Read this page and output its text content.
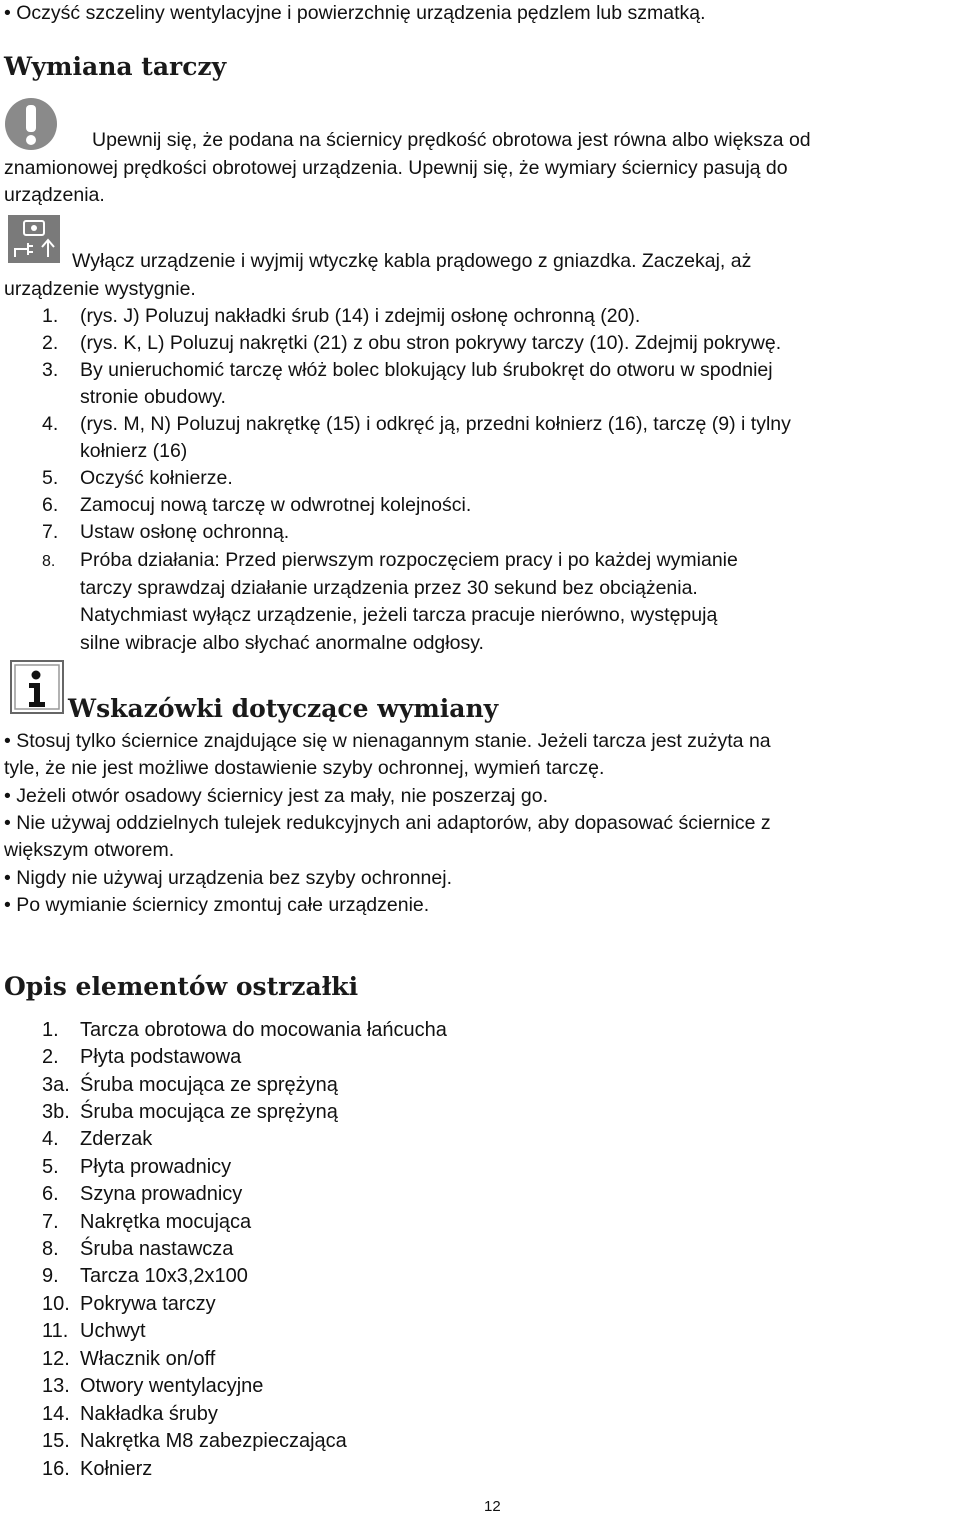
• Oczyść szczeliny wentylacyjne i powierzchnię urządzenia pędzlem lub szmatką.
Wymiana tarczy
Upewnij się, że podana na ściernicy prędkość obrotowa jest równa albo większa od
znamionowej prędkości obrotowej urządzenia. Upewnij się, że wymiary ściernicy pasują do
urządzenia.
Wyłącz urządzenie i wyjmij wtyczkę kabla prądowego z gniazdka. Zaczekaj, aż
urządzenie wystygnie.
1. (rys. J) Poluzuj nakładki śrub (14) i zdejmij osłonę ochronną (20).
2. (rys. K, L) Poluzuj nakrętki (21) z obu stron pokrywy tarczy (10). Zdejmij pokrywę.
3. By unieruchomić tarczę włóż bolec blokujący lub śrubokręt do otworu w spodniej
stronie obudowy.
4. (rys. M, N) Poluzuj nakrętkę (15) i odkręć ją, przedni kołnierz (16), tarczę (9) i tylny
kołnierz (16)
5. Oczyść kołnierze.
6. Zamocuj nową tarczę w odwrotnej kolejności.
7. Ustaw osłonę ochronną.
8. Próba działania: Przed pierwszym rozpoczęciem pracy i po każdej wymianie
tarczy sprawdzaj działanie urządzenia przez 30 sekund bez obciążenia.
Natychmiast wyłącz urządzenie, jeżeli tarcza pracuje nierówno, występują
silne wibracje albo słychać anormalne odgłosy.
Wskazówki dotyczące wymiany
• Stosuj tylko ściernice znajdujące się w nienagannym stanie. Jeżeli tarcza jest zużyta na
tyle, że nie jest możliwe dostawienie szyby ochronnej, wymień tarczę.
• Jeżeli otwór osadowy ściernicy jest za mały, nie poszerzaj go.
• Nie używaj oddzielnych tulejek redukcyjnych ani adaptorów, aby dopasować ściernice z
większym otworem.
• Nigdy nie używaj urządzenia bez szyby ochronnej.
• Po wymianie ściernicy zmontuj całe urządzenie.
Opis elementów ostrzałki
1. Tarcza obrotowa do mocowania łańcucha
2. Płyta podstawowa
3a. Śruba mocująca ze sprężyną
3b. Śruba mocująca ze sprężyną
4. Zderzak
5. Płyta prowadnicy
6. Szyna prowadnicy
7. Nakrętka mocująca
8. Śruba nastawcza
9. Tarcza 10x3,2x100
10. Pokrywa tarczy
11. Uchwyt
12. Włacznik on/off
13. Otwory wentylacyjne
14. Nakładka śruby
15. Nakrętka M8 zabezpieczająca
16. Kołnierz
12
